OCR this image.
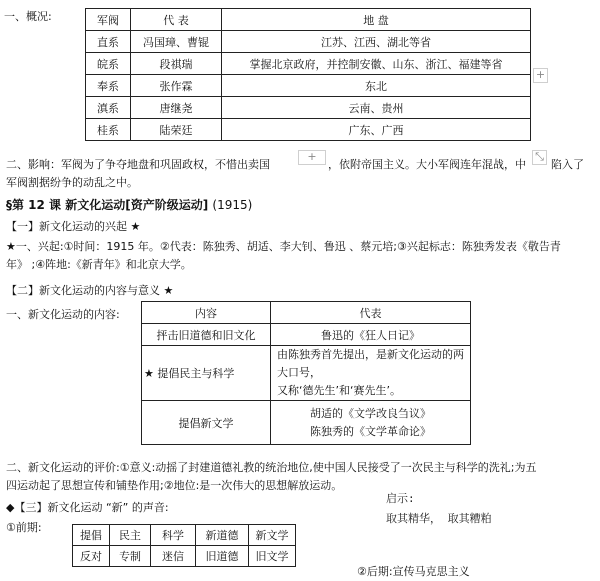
一、概况:	军阀	代 表	地 盘
直系	冯国璋、曹锟	江苏、江西、湖北等省
皖系	段祺瑞	掌握北京政府，并控制安徽、山东、浙江、福建等省
奉系	张作霖	东北
滇系	唐继尧	云南、贵州
桂系	陆荣廷	广东、广西
+
+	⤡
二、影响：军阀为了争夺地盘和巩固政权，不惜出卖国	，依附帝国主义。大小军阀连年混战，中 陷入了
军阀割据纷争的动乱之中。
§第 12 课 新文化运动[资产阶级运动] (1915)
【一】新文化运动的兴起 ★
★一、兴起:①时间：1915 年。②代表：陈独秀、胡适、李大钊、鲁迅 、蔡元培;③兴起标志：陈独秀发表《敬告青
年》 ;④阵地:《新青年》和北京大学。
【二】新文化运动的内容与意义 ★
一、新文化运动的内容:	内容	代表
抨击旧道德和旧文化	鲁迅的《狂人日记》
★ 提倡民主与科学	由陈独秀首先提出，是新文化运动的两大口号，
又称‘德先生’和‘赛先生’。

提倡新文学	胡适的《文学改良刍议》
陈独秀的《文学革命论》
二、新文化运动的评价:①意义:动摇了封建道德礼教的统治地位,使中国人民接受了一次民主与科学的洗礼;为五
四运动起了思想宣传和铺垫作用;②地位:是一次伟大的思想解放运动。
启示:
取其精华， 取其糟粕
◆【三】新文化运动 “新” 的声音:
①前期:
提倡	民主	科学	新道德	新文学
反对	专制	迷信	旧道德	旧文学
②后期:宣传马克思主义
